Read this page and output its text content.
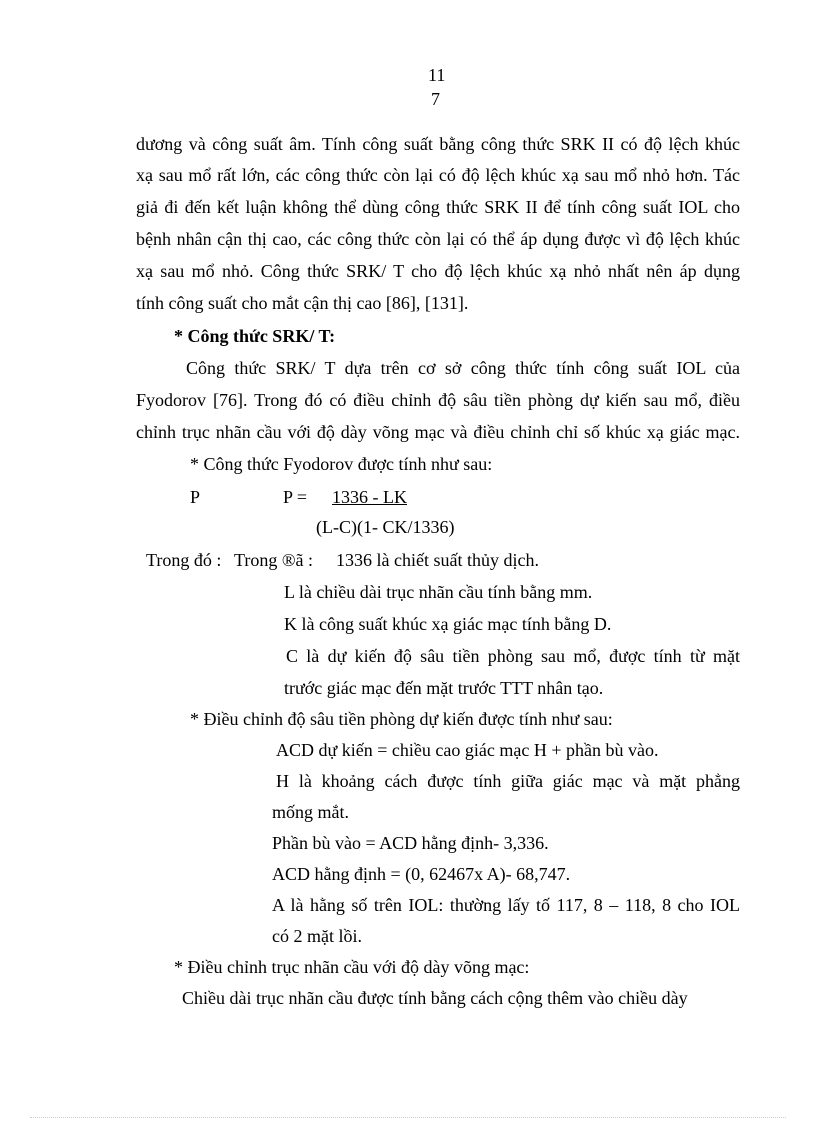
11
7
dương và công suất âm. Tính công suất bằng công thức SRK II có độ lệch khúc
xạ sau mổ rất lớn, các công thức còn lại có độ lệch khúc xạ sau mổ nhỏ hơn. Tác
giả đi đến kết luận không thể dùng công thức SRK II để tính công suất IOL cho
bệnh nhân cận thị cao, các công thức còn lại có thể áp dụng được vì độ lệch khúc
xạ sau mổ nhỏ. Công thức SRK/ T cho độ lệch khúc xạ nhỏ nhất nên áp dụng
tính công suất cho mắt cận thị cao [86], [131].
* Công thức SRK/ T:
Công thức SRK/ T dựa trên cơ sở công thức tính công suất IOL của
Fyodorov [76]. Trong đó có điều chỉnh độ sâu tiền phòng dự kiến sau mổ, điều
chỉnh trục nhãn cầu với độ dày võng mạc và điều chỉnh chỉ số khúc xạ giác mạc.
* Công thức Fyodorov được tính như sau:
P	P = 1336 - LK
(L-C)(1- CK/1336)
Trong đó : Trong ®ã : 1336 là chiết suất thủy dịch.
L là chiều dài trục nhãn cầu tính bằng mm.
K là công suất khúc xạ giác mạc tính bằng D.
C là dự kiến độ sâu tiền phòng sau mổ, được tính từ mặt
trước giác mạc đến mặt trước TTT nhân tạo.
* Điều chỉnh độ sâu tiền phòng dự kiến được tính như sau:
ACD dự kiến = chiều cao giác mạc H + phần bù vào.
H là khoảng cách được tính giữa giác mạc và mặt phẳng
mống mắt.
Phần bù vào = ACD hằng định- 3,336.
ACD hằng định = (0, 62467x A)- 68,747.
A là hằng số trên IOL: thường lấy tố 117, 8 – 118, 8 cho IOL
có 2 mặt lồi.
* Điều chỉnh trục nhãn cầu với độ dày võng mạc:
Chiều dài trục nhãn cầu được tính bằng cách cộng thêm vào chiều dày
